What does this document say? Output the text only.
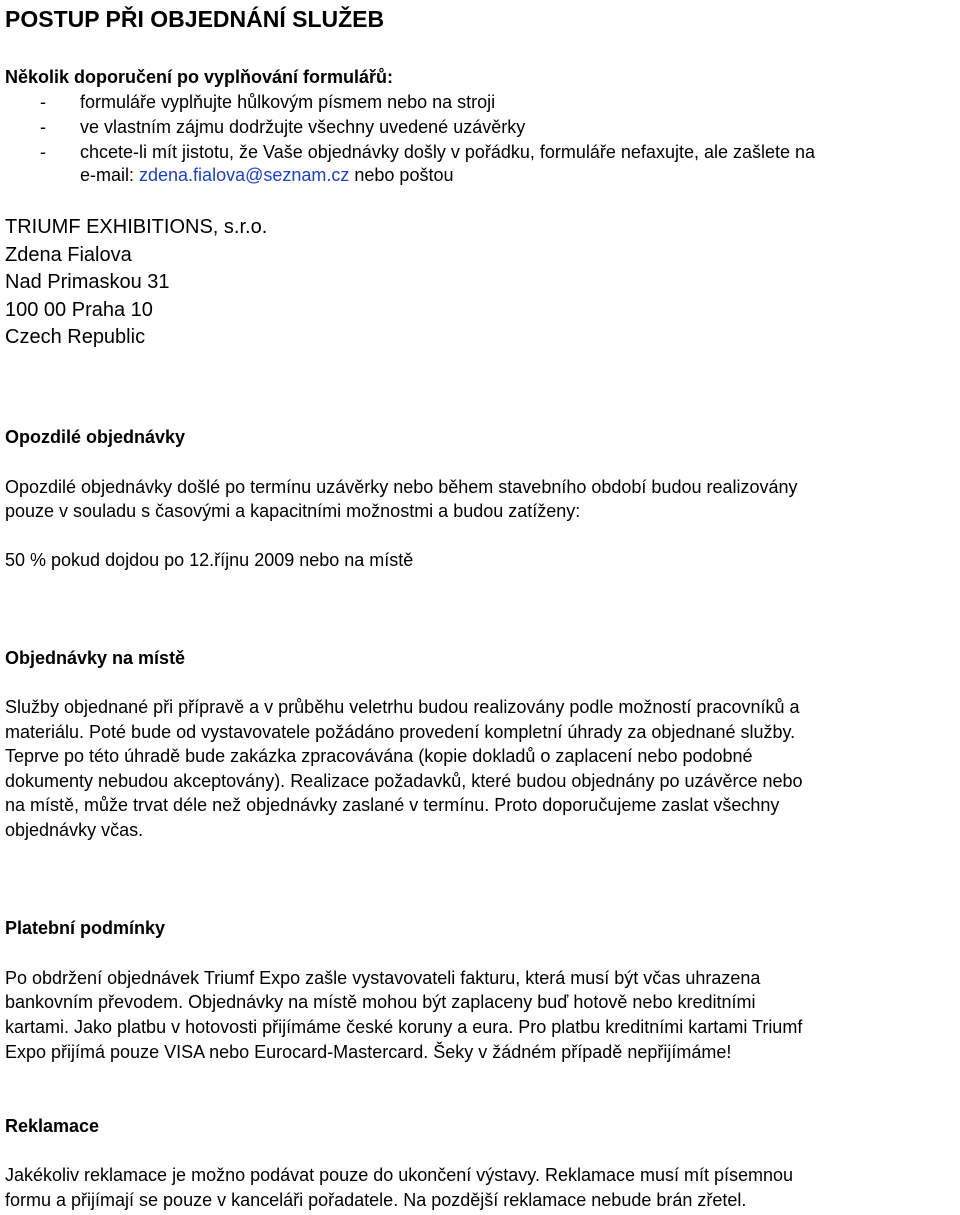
POSTUP PŘI OBJEDNÁNÍ SLUŽEB
Několik doporučení po vyplňování formulářů:
- formuláře vyplňujte hůlkovým písmem nebo na stroji
- ve vlastním zájmu dodržujte všechny uvedené uzávěrky
- chcete-li mít jistotu, že Vaše objednávky došly v pořádku, formuláře nefaxujte, ale zašlete na
e-mail: zdena.fialova@seznam.cz nebo poštou
TRIUMF EXHIBITIONS, s.r.o.
Zdena Fialova
Nad Primaskou 31
100 00 Praha 10
Czech Republic
Opozdilé objednávky
Opozdilé objednávky došlé po termínu uzávěrky nebo během stavebního období budou realizovány
pouze v souladu s časovými a kapacitními možnostmi a budou zatíženy:
50 % pokud dojdou po 12.říjnu 2009 nebo na místě
Objednávky na místě
Služby objednané při přípravě a v průběhu veletrhu budou realizovány podle možností pracovníků a
materiálu. Poté bude od vystavovatele požádáno provedení kompletní úhrady za objednané služby.
Teprve po této úhradě bude zakázka zpracovávána (kopie dokladů o zaplacení nebo podobné
dokumenty nebudou akceptovány). Realizace požadavků, které budou objednány po uzávěrce nebo
na místě, může trvat déle než objednávky zaslané v termínu. Proto doporučujeme zaslat všechny
objednávky včas.
Platební podmínky
Po obdržení objednávek Triumf Expo zašle vystavovateli fakturu, která musí být včas uhrazena
bankovním převodem. Objednávky na místě mohou být zaplaceny buď hotově nebo kreditními
kartami. Jako platbu v hotovosti přijímáme české koruny a eura. Pro platbu kreditními kartami Triumf
Expo přijímá pouze VISA nebo Eurocard-Mastercard. Šeky v žádném případě nepřijímáme!
Reklamace
Jakékoliv reklamace je možno podávat pouze do ukončení výstavy. Reklamace musí mít písemnou
formu a přijímají se pouze v kanceláři pořadatele. Na pozdější reklamace nebude brán zřetel.
